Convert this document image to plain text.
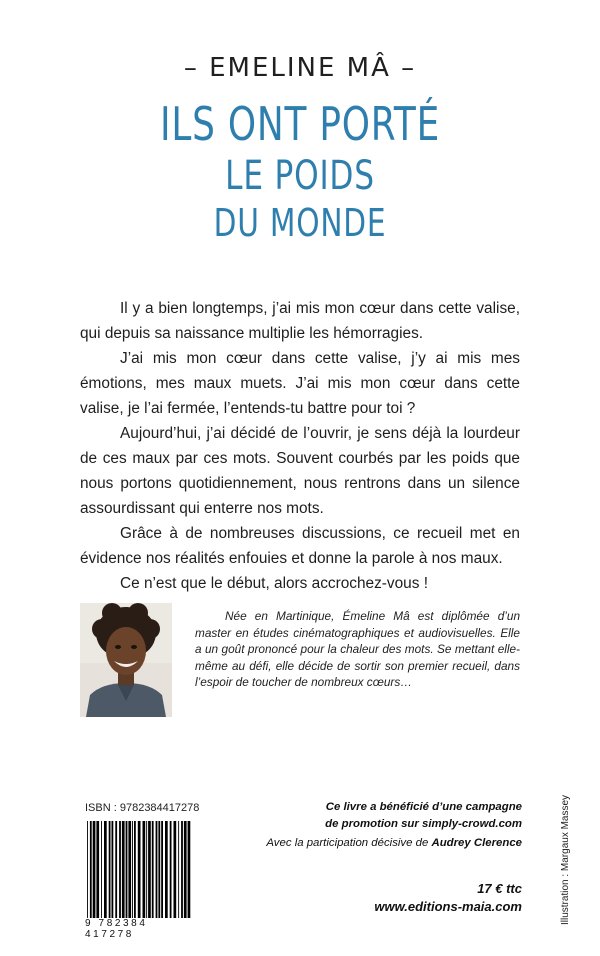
– EMELINE MÂ –
ILS ONT PORTÉ
LE POIDS
DU MONDE

Il y a bien longtemps, j’ai mis mon cœur dans cette valise, qui depuis sa naissance multiplie les hémorragies.

J’ai mis mon cœur dans cette valise, j’y ai mis mes émotions, mes maux muets. J’ai mis mon cœur dans cette valise, je l’ai fermée, l’entends-tu battre pour toi ?

Aujourd’hui, j’ai décidé de l’ouvrir, je sens déjà la lourdeur de ces maux par ces mots. Souvent courbés par les poids que nous portons quotidiennement, nous rentrons dans un silence assourdissant qui enterre nos mots.

Grâce à de nombreuses discussions, ce recueil met en évidence nos réalités enfouies et donne la parole à nos maux.

Ce n’est que le début, alors accrochez-vous !

Née en Martinique, Émeline Mâ est diplômée d’un master en études cinématographiques et audiovisuelles. Elle a un goût prononcé pour la chaleur des mots. Se mettant elle-même au défi, elle décide de sortir son premier recueil, dans l’espoir de toucher de nombreux cœurs…

ISBN : 9782384417278
9 782384 417278
Ce livre a bénéficié d’une campagne
de promotion sur simply-crowd.com
Avec la participation décisive de Audrey Clerence
17 € ttc
www.editions-maia.com	Illustration : Margaux Massey
